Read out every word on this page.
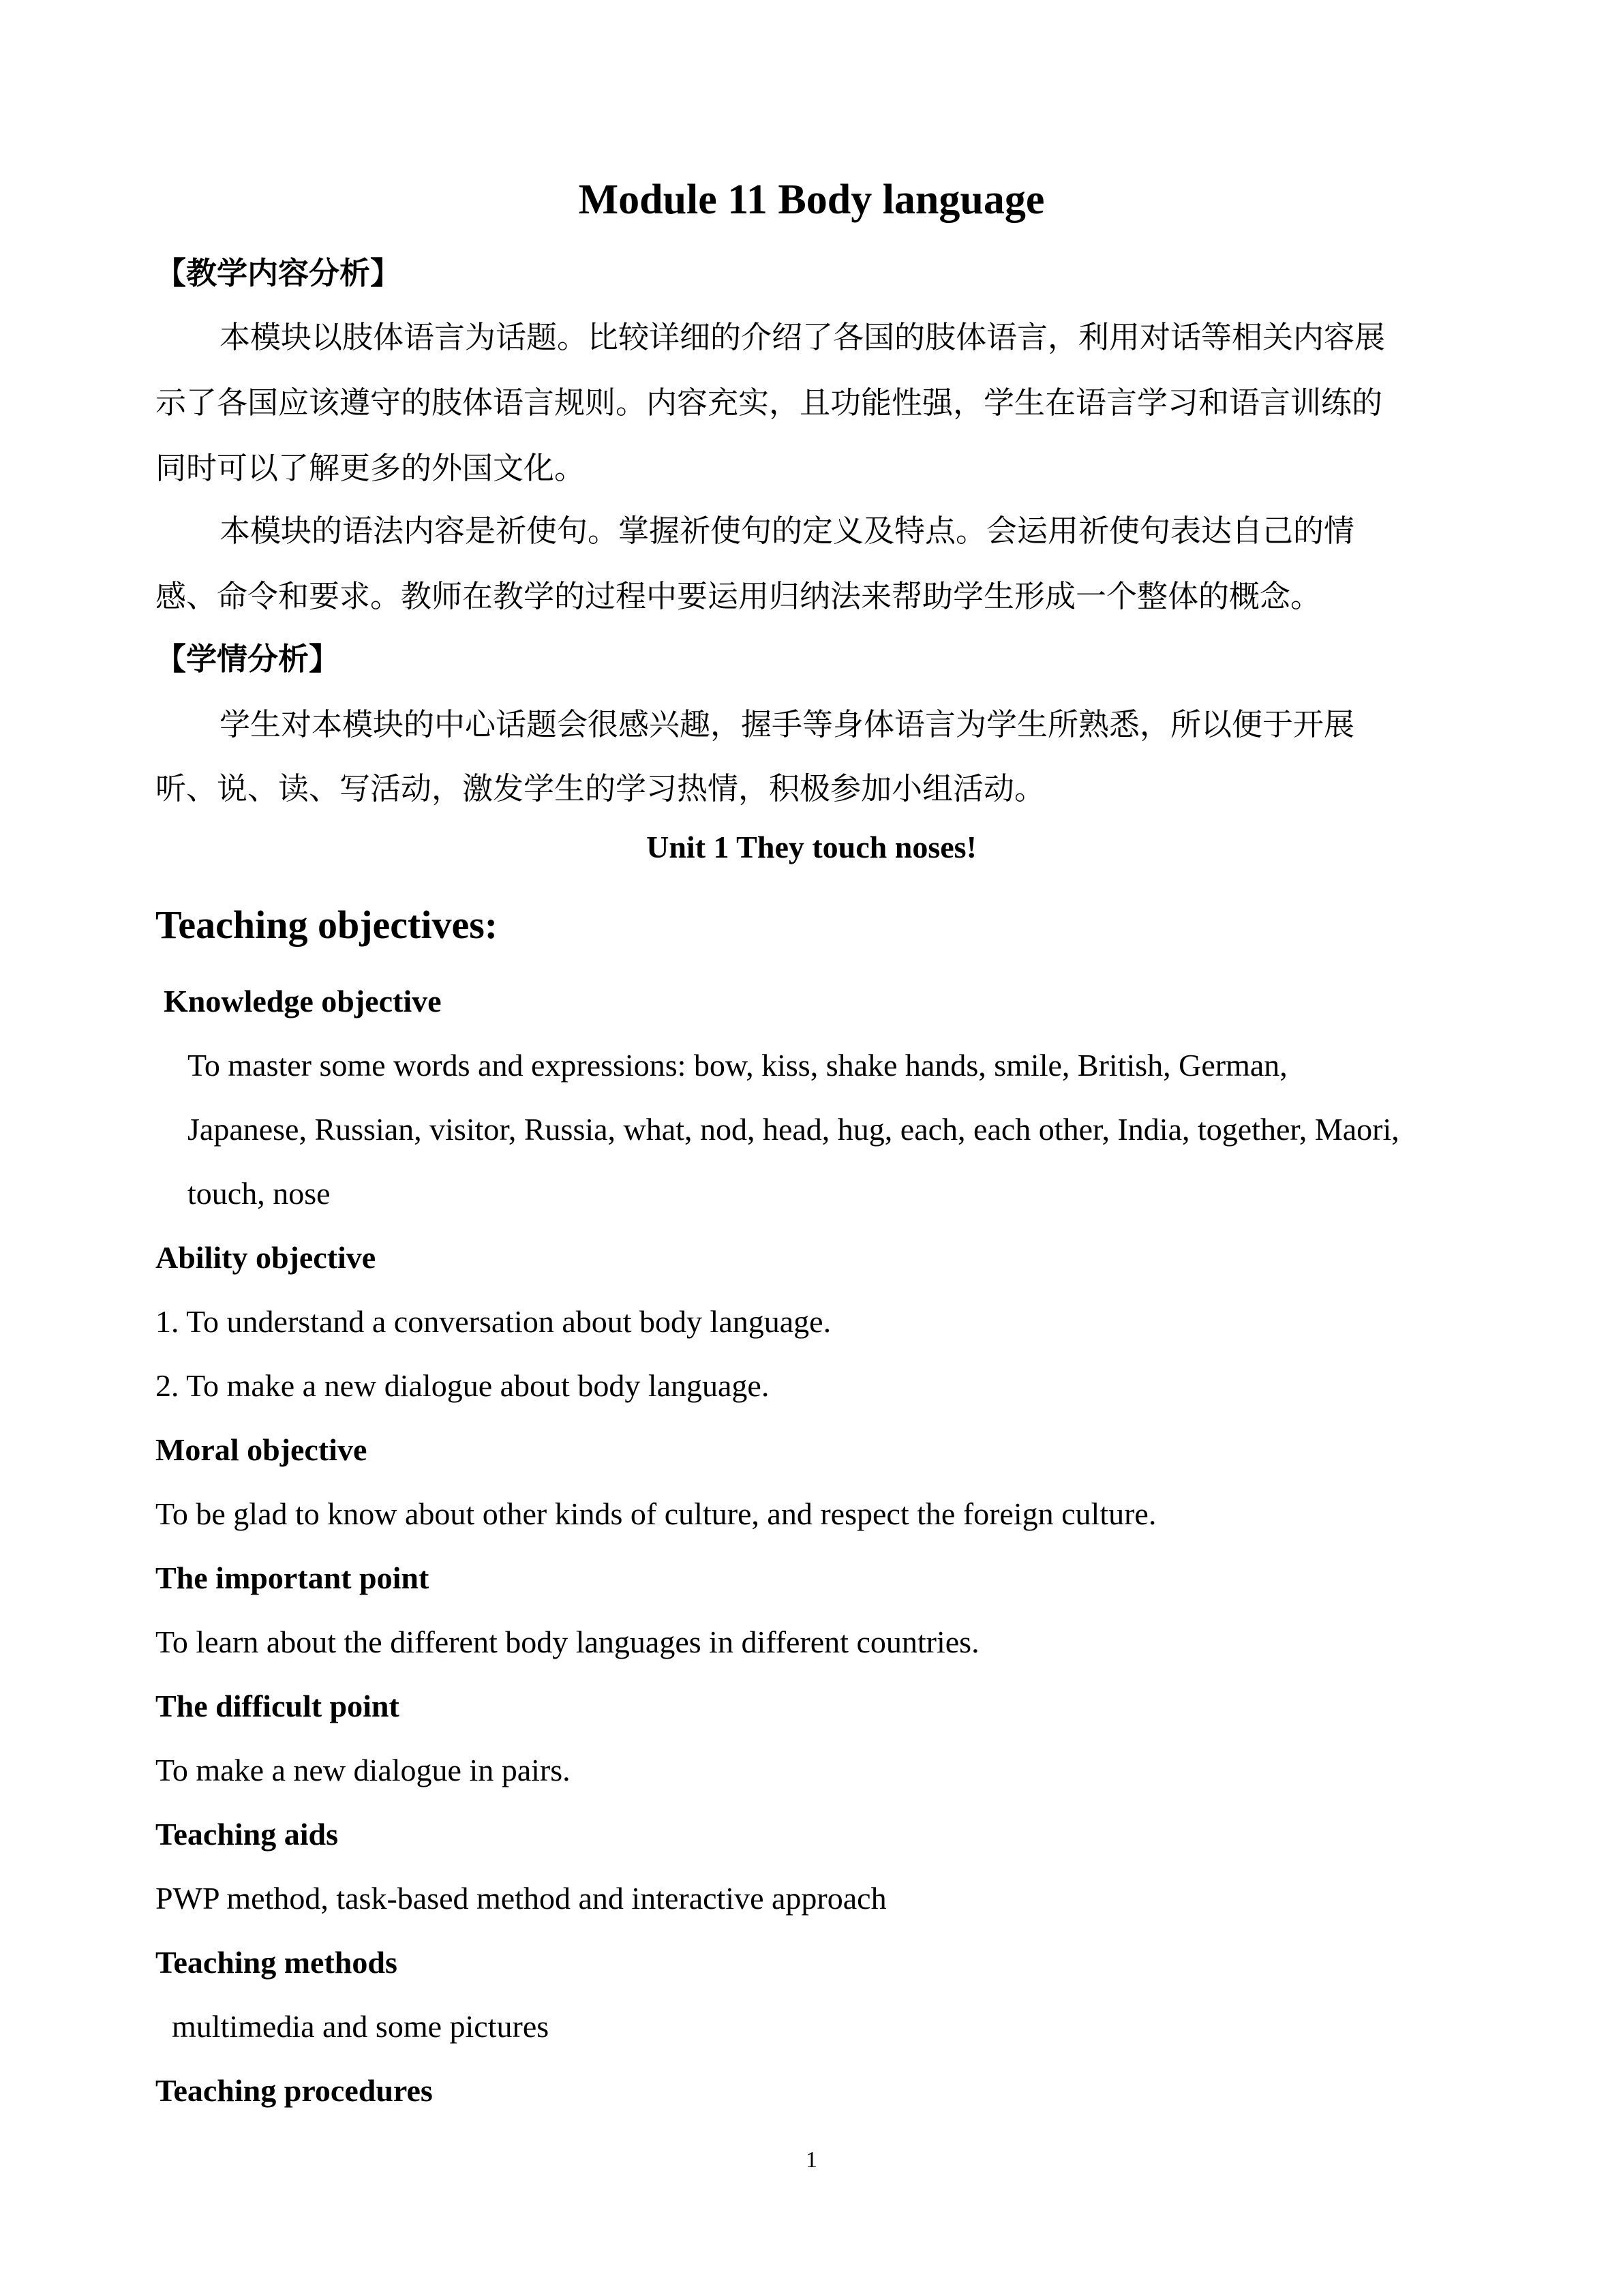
Module 11 Body language
【教学内容分析】
本模块以肢体语言为话题。比较详细的介绍了各国的肢体语言，利用对话等相关内容展
示了各国应该遵守的肢体语言规则。内容充实，且功能性强，学生在语言学习和语言训练的
同时可以了解更多的外国文化。
本模块的语法内容是祈使句。掌握祈使句的定义及特点。会运用祈使句表达自己的情
感、命令和要求。教师在教学的过程中要运用归纳法来帮助学生形成一个整体的概念。
【学情分析】
学生对本模块的中心话题会很感兴趣，握手等身体语言为学生所熟悉，所以便于开展
听、说、读、写活动，激发学生的学习热情，积极参加小组活动。
Unit 1 They touch noses!
Teaching objectives:
Knowledge objective
To master some words and expressions: bow, kiss, shake hands, smile, British, German,
Japanese, Russian, visitor, Russia, what, nod, head, hug, each, each other, India, together, Maori,
touch, nose
Ability objective
1. To understand a conversation about body language.
2. To make a new dialogue about body language.
Moral objective
To be glad to know about other kinds of culture, and respect the foreign culture.
The important point
To learn about the different body languages in different countries.
The difficult point
To make a new dialogue in pairs.
Teaching aids
PWP method, task-based method and interactive approach
Teaching methods
multimedia and some pictures
Teaching procedures
1
